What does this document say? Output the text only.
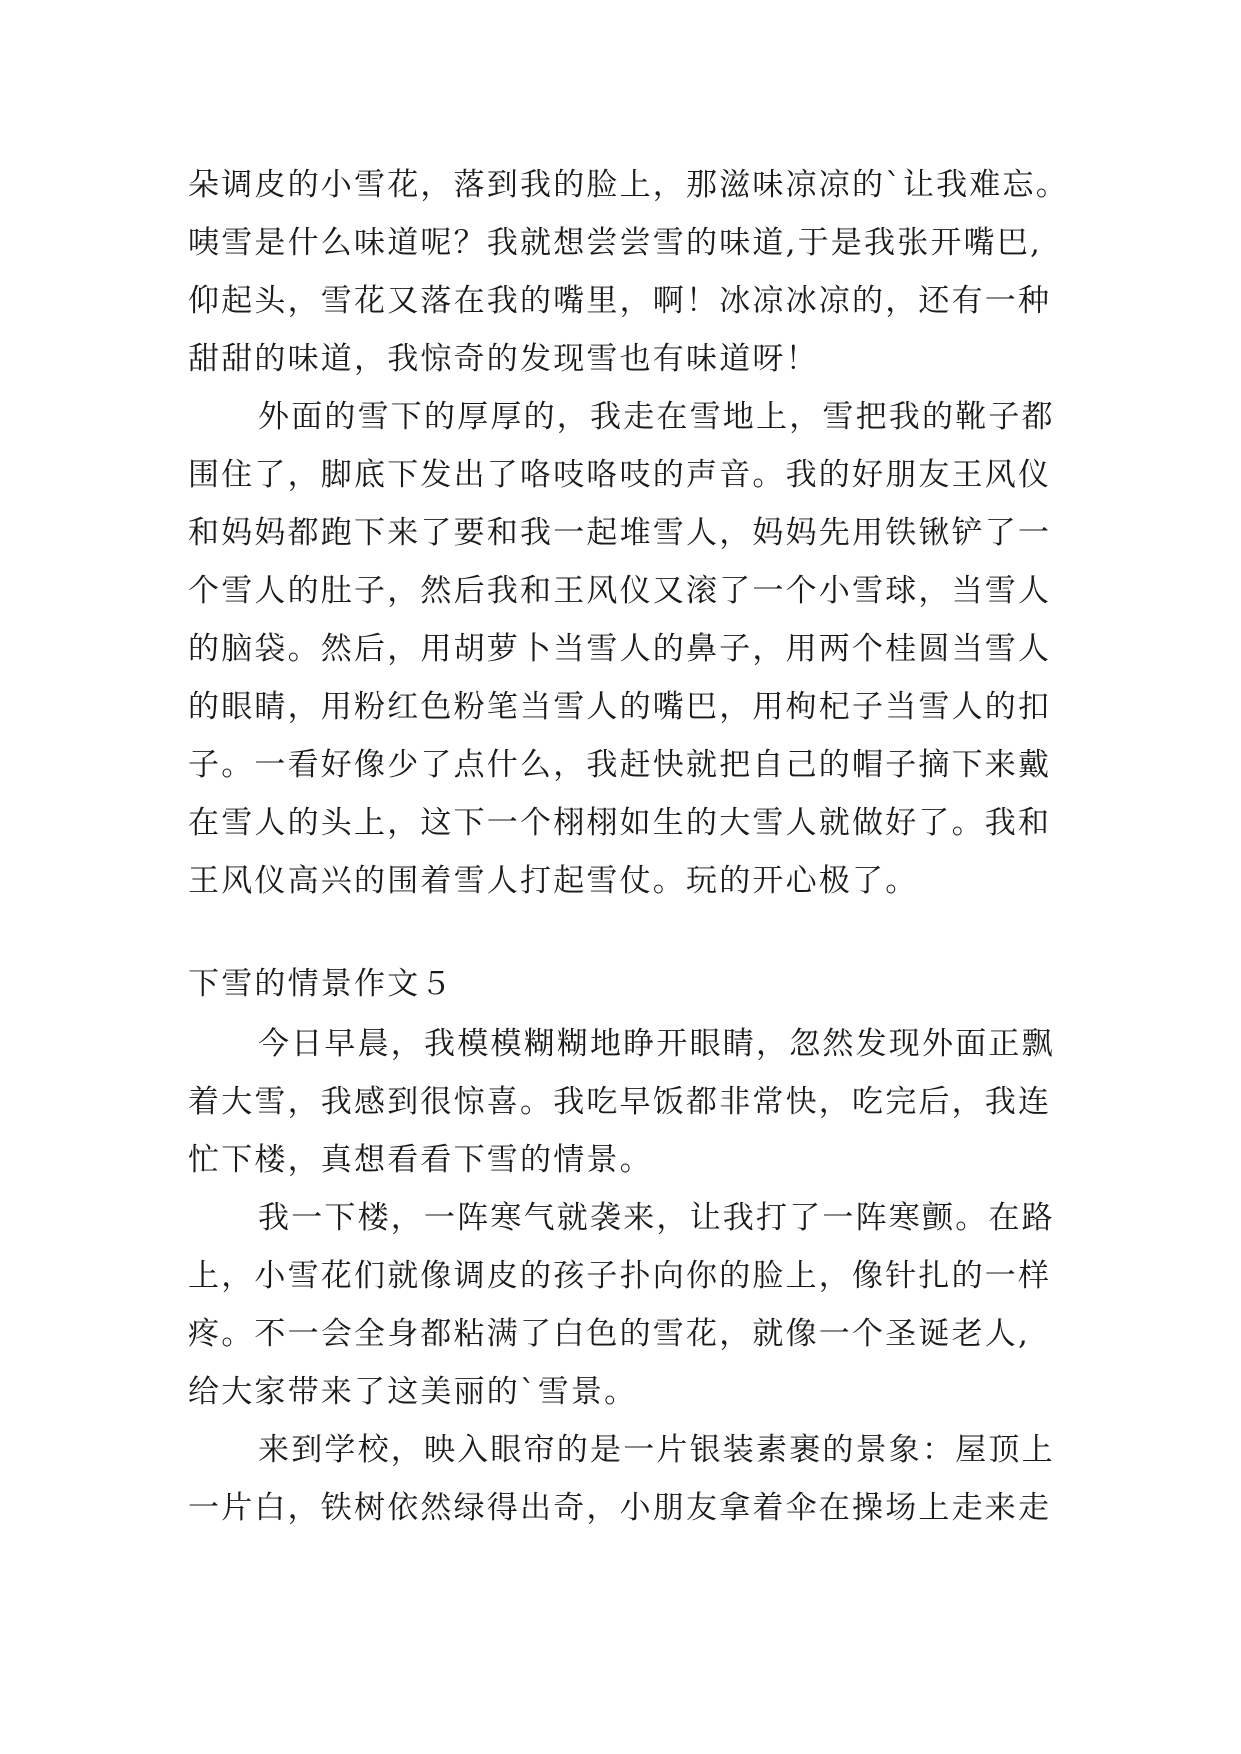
朵调皮的小雪花，落到我的脸上，那滋味凉凉的`让我难忘。
咦雪是什么味道呢？我就想尝尝雪的味道,于是我张开嘴巴,
仰起头，雪花又落在我的嘴里，啊！冰凉冰凉的，还有一种
甜甜的味道，我惊奇的发现雪也有味道呀！
外面的雪下的厚厚的，我走在雪地上，雪把我的靴子都
围住了，脚底下发出了咯吱咯吱的声音。我的好朋友王风仪
和妈妈都跑下来了要和我一起堆雪人，妈妈先用铁锹铲了一
个雪人的肚子，然后我和王风仪又滚了一个小雪球，当雪人
的脑袋。然后，用胡萝卜当雪人的鼻子，用两个桂圆当雪人
的眼睛，用粉红色粉笔当雪人的嘴巴，用枸杞子当雪人的扣
子。一看好像少了点什么，我赶快就把自己的帽子摘下来戴
在雪人的头上，这下一个栩栩如生的大雪人就做好了。我和
王风仪高兴的围着雪人打起雪仗。玩的开心极了。
下雪的情景作文５
今日早晨，我模模糊糊地睁开眼睛，忽然发现外面正飘
着大雪，我感到很惊喜。我吃早饭都非常快，吃完后，我连
忙下楼，真想看看下雪的情景。
我一下楼，一阵寒气就袭来，让我打了一阵寒颤。在路
上，小雪花们就像调皮的孩子扑向你的脸上，像针扎的一样
疼。不一会全身都粘满了白色的雪花，就像一个圣诞老人,
给大家带来了这美丽的`雪景。
来到学校，映入眼帘的是一片银装素裹的景象：屋顶上
一片白，铁树依然绿得出奇，小朋友拿着伞在操场上走来走
